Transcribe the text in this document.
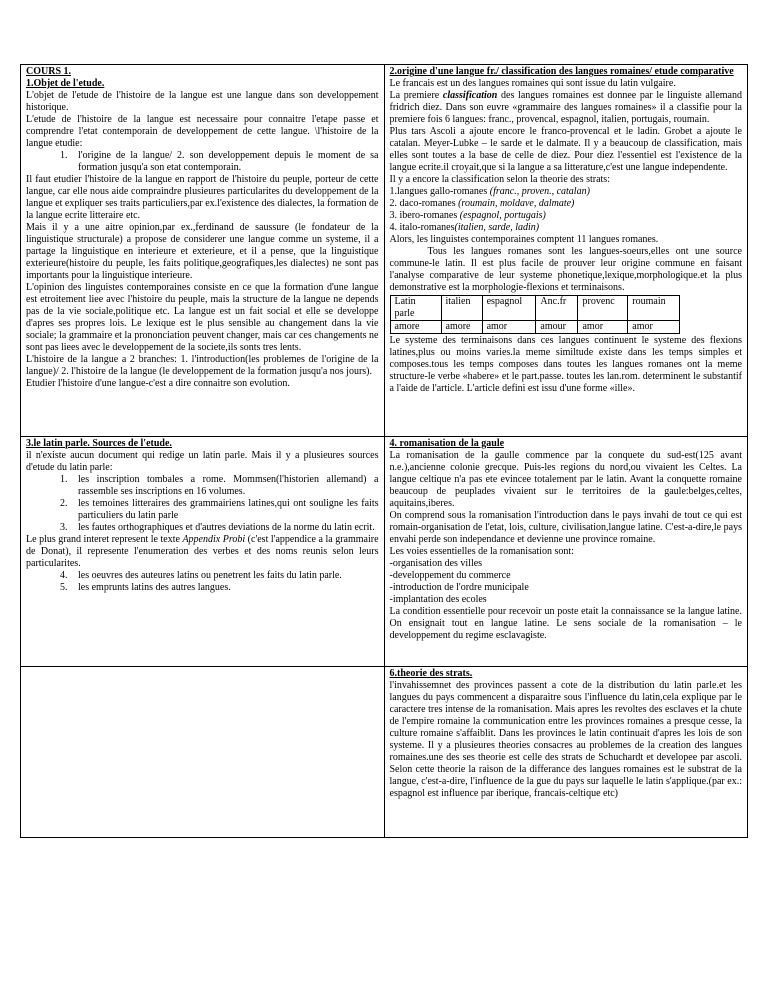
COURS 1.
1.Objet de l'etude.

L'objet de l'etude de l'histoire de la langue est une langue dans son developpement historique.

L'etude de l'histoire de la langue est necessaire pour connaitre l'etape passe et comprendre l'etat contemporain de developpement de cette langue. \l'histoire de la langue etudie:

1.	l'origine de la langue/ 2. son developpement depuis le moment de sa formation jusqu'a son etat contemporain.

Il faut etudier l'histoire de la langue en rapport de l'histoire du peuple, porteur de cette langue, car elle nous aide compraindre plusieures particularites du developpement de la langue et expliquer ses traits particuliers,par ex.l'existence des dialectes, la formation de la langue ecrite litteraire etc.

Mais il y a une aitre opinion,par ex.,ferdinand de saussure (le fondateur de la linguistique structurale) a propose de considerer une langue comme un systeme, il a partage la linguistique en interieure et exterieure, et il a pense, que la linguistique exterieure(histoire du peuple, les faits politique,geografiques,les dialectes) ne sont pas importants pour la linguistique interieure.

L'opinion des linguistes contemporaines consiste en ce que la formation d'une langue est etroitement liee avec l'histoire du peuple, mais la structure de la langue ne depends pas de la vie sociale,politique etc. La langue est un fait social et elle se developpe d'apres ses propres lois. Le lexique est le plus sensible au changement dans la vie sociale; la grammaire et la prononciation peuvent changer, mais car ces changements ne sont pas liees avec le developpement de la societe,ils sonts tres lents.

L'histoire de la langue a 2 branches: 1. l'introduction(les problemes de l'origine de la langue)/ 2. l'histoire de la langue (le developpement de la formation jusqu'a nos jours).

Etudier l'histoire d'une langue-c'est a dire connaitre son evolution.

2.origine d'une langue fr./ classification des langues romaines/ etude comparative

Le francais est un des langues romaines qui sont issue du latin vulgaire.

La premiere classification des langues romaines est donnee par le linguiste allemand fridrich diez. Dans son euvre «grammaire des langues romaines» il a classifie pour la premiere fois 6 langues: franc., provencal, espagnol, italien, portugais, roumain.

Plus tars Ascoli a ajoute encore le franco-provencal et le ladin. Grobet a ajoute le catalan. Meyer-Lubke – le sarde et le dalmate. Il y a beaucoup de classification, mais elles sont toutes a la base de celle de diez. Pour diez l'essentiel est l'existence de la langue ecrite.il croyait,que si la langue a sa litterature,c'est une langue independente.

Il y a encore la classification selon la theorie des strats:

1.langues gallo-romanes (franc., proven., catalan)
2. daco-romanes (roumain, moldave, dalmate)
3. ibero-romanes (espagnol, portugais)
4. italo-romanes(italien, sarde, ladin)

Alors, les linguistes contemporaines comptent 11 langues romanes.

Tous les langues romanes sont les langues-soeurs,elles ont une source commune-le latin. Il est plus facile de prouver leur origine commune en faisant l'analyse comparative de leur systeme phonetique,lexique,morphologique.et la plus demonstrative est la morphologie-flexions et terminaisons.

Latin parle	italien	espagnol	Anc.fr	provenc	roumain
amore	amore	amor	amour	amor	amor

Le systeme des terminaisons dans ces langues continuent le systeme des flexions latines,plus ou moins varies.la meme similtude existe dans les temps simples et composes.tous les temps composes dans toutes les langues romanes ont la meme structure-le verbe «habere» et le part.passe. toutes les lan.rom. determinent le substantif a l'aide de l'article. L'article defini est issu d'une forme «ille».

3.le latin parle. Sources de l'etude.

il n'existe aucun document qui redige un latin parle. Mais il y a plusieures sources d'etude du latin parle:

1.	les inscription tombales a rome. Mommsen(l'historien allemand) a rassemble ses inscriptions en 16 volumes.
2.	les temoines litteraires des grammairiens latines,qui ont souligne les faits particuliers du latin parle
3.	les fautes orthographiques et d'autres deviations de la norme du latin ecrit.

Le plus grand interet represent le texte Appendix Probi (c'est l'appendice a la grammaire de Donat), il represente l'enumeration des verbes et des noms reunis selon leurs particularites.

4.	les oeuvres des auteures latins ou penetrent les faits du latin parle.
5.	les emprunts latins des autres langues.

4. romanisation de la gaule

La romanisation de la gaulle commence par la conquete du sud-est(125 avant n.e.),ancienne colonie grecque. Puis-les regions du nord,ou vivaient les Celtes. La langue celtique n'a pas ete evincee totalement par le latin. Avant la conquette romaine beaucoup de peuplades vivaient sur le territoires de la gaule:belges,celtes, aquitains,iberes.

On comprend sous la romanisation l'introduction dans le pays invahi de tout ce qui est romain-organisation de l'etat, lois, culture, civilisation,langue latine. C'est-a-dire,le pays envahi perde son independance et devienne une province romaine.

Les voies essentielles de la romanisation sont:

-organisation des villes
-developpement du commerce
-introduction de l'ordre municipale
-implantation des ecoles

La condition essentielle pour recevoir un poste etait la connaissance se la langue latine. On ensignait tout en langue latine. Le sens sociale de la romanisation – le developpement du regime esclavagiste.

6.theorie des strats.

l'invahissemnet des provinces passent a cote de la distribution du latin parle.et les langues du pays commencent a disparaitre sous l'influence du latin,cela explique par le caractere tres intense de la romanisation. Mais apres les revoltes des esclaves et la chute de l'empire romaine la communication entre les provinces romaines a presque cesse, la culture romaine s'affaiblit. Dans les provinces le latin continuait d'apres les lois de son systeme. Il y a plusieures theories consacres au problemes de la creation des langues romaines.une des ses theorie est celle des strats de Schuchardt et developee par ascoli. Selon cette theorie la raison de la differance des langues romaines est le substrat de la langue, c'est-a-dire, l'influence de la gue du pays sur laquelle le latin s'applique.(par ex.: espagnol est influence par iberique, francais-celtique etc)
